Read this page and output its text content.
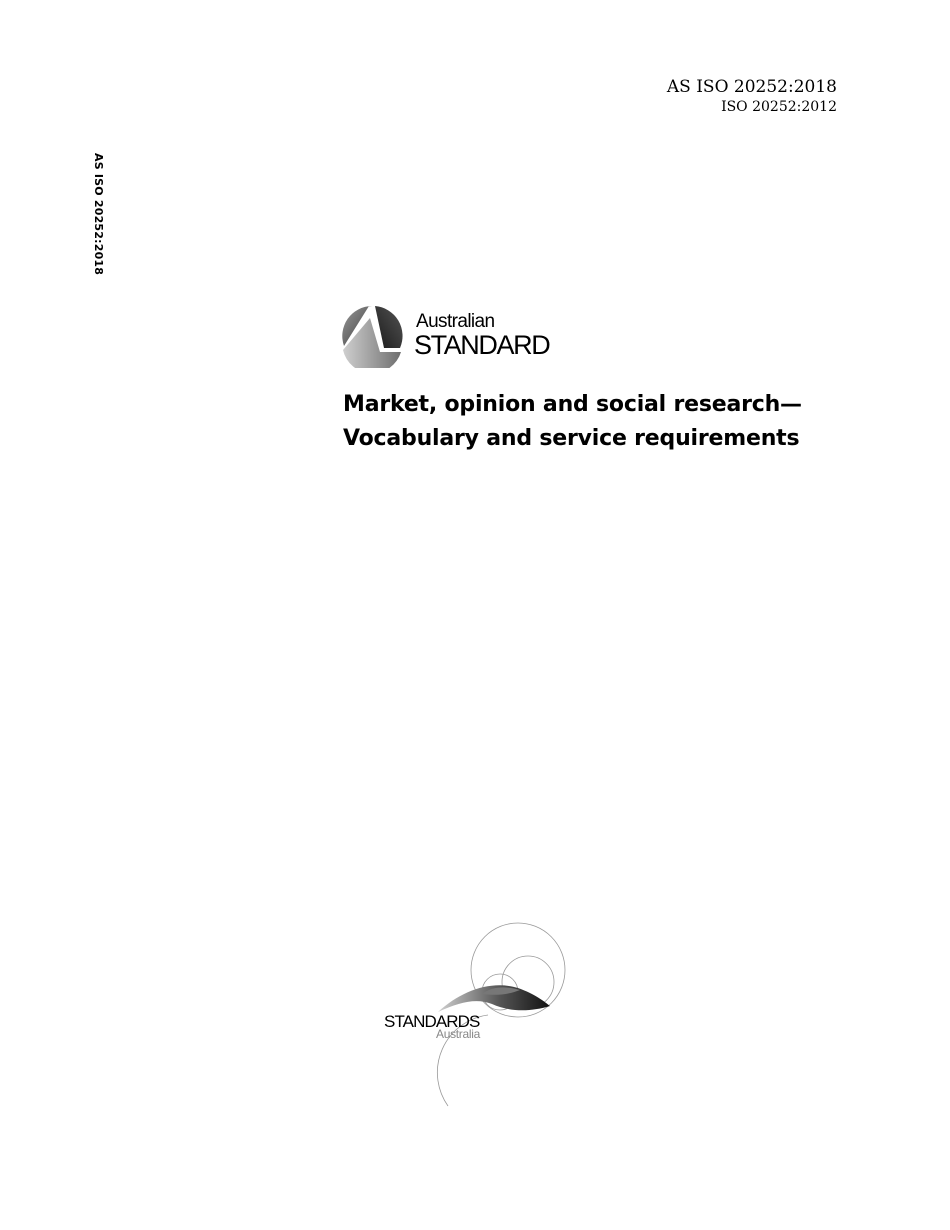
AS ISO 20252:2018
ISO 20252:2012
AS ISO 20252:2018
Australian
STANDARD
Market, opinion and social research—
Vocabulary and service requirements
STANDARDS
Australia
